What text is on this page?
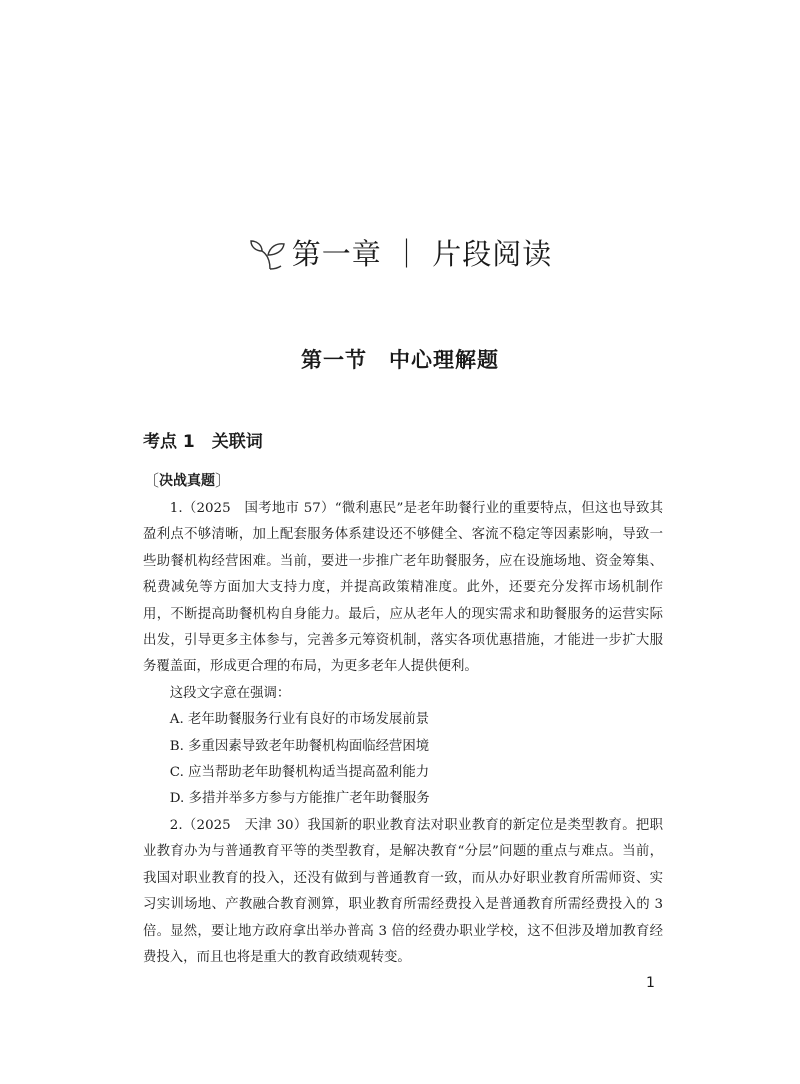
第一章 ｜ 片段阅读
第一节　中心理解题
考点 1　关联词
〔 决战真题 〕

1.（2025　国考地市 57）“微利惠民”是老年助餐行业的重要特点，但这也导致其盈利点不够清晰，加上配套服务体系建设还不够健全、客流不稳定等因素影响，导致一些助餐机构经营困难。当前，要进一步推广老年助餐服务，应在设施场地、资金筹集、税费减免等方面加大支持力度，并提高政策精准度。此外，还要充分发挥市场机制作用，不断提高助餐机构自身能力。最后，应从老年人的现实需求和助餐服务的运营实际出发，引导更多主体参与，完善多元筹资机制，落实各项优惠措施，才能进一步扩大服务覆盖面，形成更合理的布局，为更多老年人提供便利。

这段文字意在强调：

A. 老年助餐服务行业有良好的市场发展前景

B. 多重因素导致老年助餐机构面临经营困境

C. 应当帮助老年助餐机构适当提高盈利能力

D. 多措并举多方参与方能推广老年助餐服务

2.（2025　天津 30）我国新的职业教育法对职业教育的新定位是类型教育。把职业教育办为与普通教育平等的类型教育，是解决教育“分层”问题的重点与难点。当前，我国对职业教育的投入，还没有做到与普通教育一致，而从办好职业教育所需师资、实习实训场地、产教融合教育测算，职业教育所需经费投入是普通教育所需经费投入的 3 倍。显然，要让地方政府拿出举办普高 3 倍的经费办职业学校，这不但涉及增加教育经费投入，而且也将是重大的教育政绩观转变。

1
